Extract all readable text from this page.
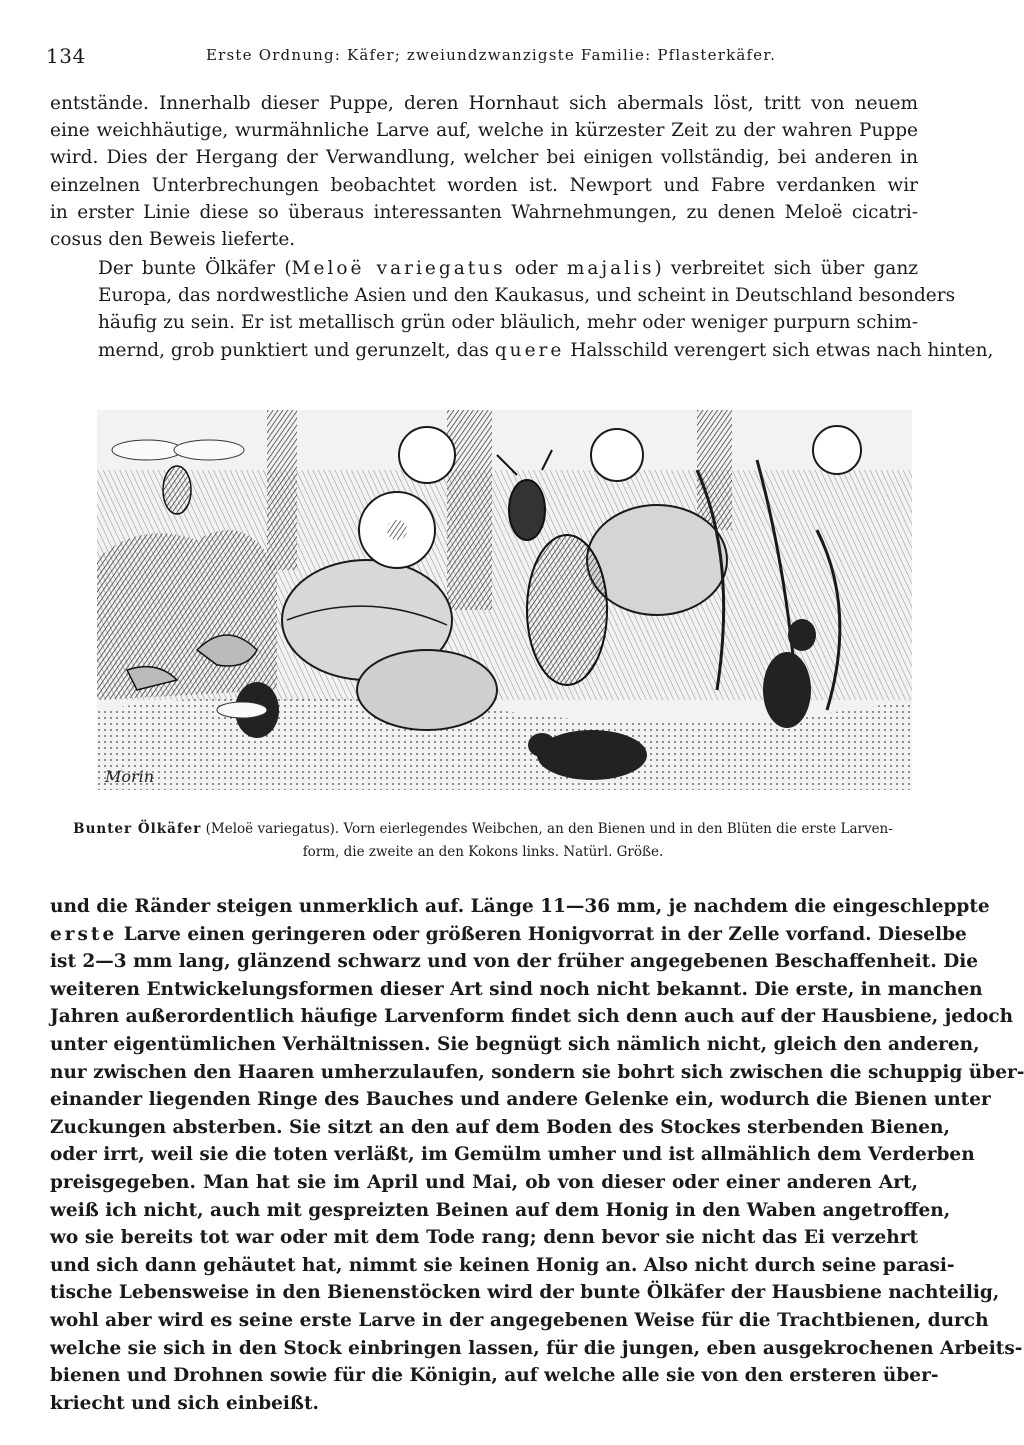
134	Erste Ordnung: Käfer; zweiundzwanzigste Familie: Pflasterkäfer.
entstände. Innerhalb dieser Puppe, deren Hornhaut sich abermals löst, tritt von neuem
eine weichhäutige, wurmähnliche Larve auf, welche in kürzester Zeit zu der wahren Puppe
wird. Dies der Hergang der Verwandlung, welcher bei einigen vollständig, bei anderen in
einzelnen Unterbrechungen beobachtet worden ist. Newport und Fabre verdanken wir
in erster Linie diese so überaus interessanten Wahrnehmungen, zu denen Meloë cicatri-
cosus den Beweis lieferte.
Der bunte Ölkäfer (Meloë variegatus oder majalis) verbreitet sich über ganz
Europa, das nordwestliche Asien und den Kaukasus, und scheint in Deutschland besonders
häufig zu sein. Er ist metallisch grün oder bläulich, mehr oder weniger purpurn schim-
mernd, grob punktiert und gerunzelt, das quere Halsschild verengert sich etwas nach hinten,
Morin
Bunter Ölkäfer (Meloë variegatus). Vorn eierlegendes Weibchen, an den Bienen und in den Blüten die erste Larven-
form, die zweite an den Kokons links. Natürl. Größe.
und die Ränder steigen unmerklich auf. Länge 11—36 mm, je nachdem die eingeschleppte
erste Larve einen geringeren oder größeren Honigvorrat in der Zelle vorfand. Dieselbe
ist 2—3 mm lang, glänzend schwarz und von der früher angegebenen Beschaffenheit. Die
weiteren Entwickelungsformen dieser Art sind noch nicht bekannt. Die erste, in manchen
Jahren außerordentlich häufige Larvenform findet sich denn auch auf der Hausbiene, jedoch
unter eigentümlichen Verhältnissen. Sie begnügt sich nämlich nicht, gleich den anderen,
nur zwischen den Haaren umherzulaufen, sondern sie bohrt sich zwischen die schuppig über-
einander liegenden Ringe des Bauches und andere Gelenke ein, wodurch die Bienen unter
Zuckungen absterben. Sie sitzt an den auf dem Boden des Stockes sterbenden Bienen,
oder irrt, weil sie die toten verläßt, im Gemülm umher und ist allmählich dem Verderben
preisgegeben. Man hat sie im April und Mai, ob von dieser oder einer anderen Art,
weiß ich nicht, auch mit gespreizten Beinen auf dem Honig in den Waben angetroffen,
wo sie bereits tot war oder mit dem Tode rang; denn bevor sie nicht das Ei verzehrt
und sich dann gehäutet hat, nimmt sie keinen Honig an. Also nicht durch seine parasi-
tische Lebensweise in den Bienenstöcken wird der bunte Ölkäfer der Hausbiene nachteilig,
wohl aber wird es seine erste Larve in der angegebenen Weise für die Trachtbienen, durch
welche sie sich in den Stock einbringen lassen, für die jungen, eben ausgekrochenen Arbeits-
bienen und Drohnen sowie für die Königin, auf welche alle sie von den ersteren über-
kriecht und sich einbeißt.
